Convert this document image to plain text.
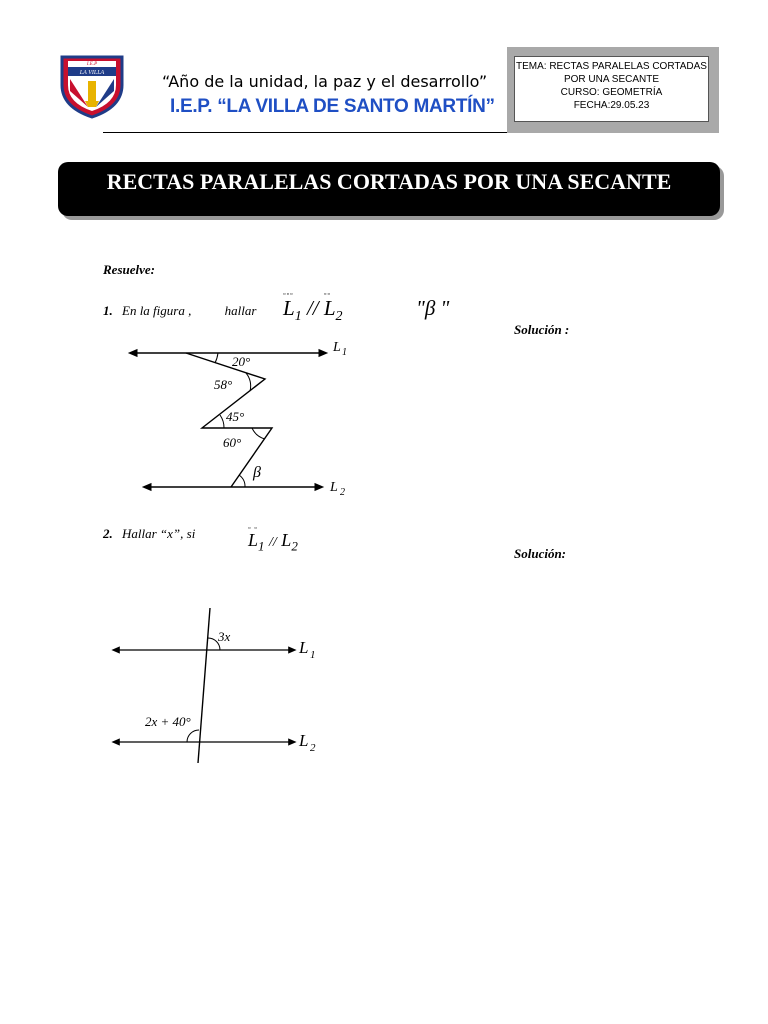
I.E.P
LA VILLA	“Año de la unidad, la paz y el desarrollo”
I.E.P. “LA VILLA DE SANTO MARTÍN”
TEMA: RECTAS PARALELAS CORTADAS
POR UNA SECANTE
CURSO: GEOMETRÍA
FECHA:29.05.23
RECTAS PARALELAS CORTADAS POR UNA SECANTE
Resuelve:
1. En la figura ,	hallar
▫▫▫
$L_1$ //
▫▫
$L_2$	"β "
Solución :
20°
58°
45°
60°
β
L 1
L 2
2. Hallar “x”, si	▫ ▫
$L_1 // L_2$	Solución:
3x
2x + 40°
L 1
L 2
